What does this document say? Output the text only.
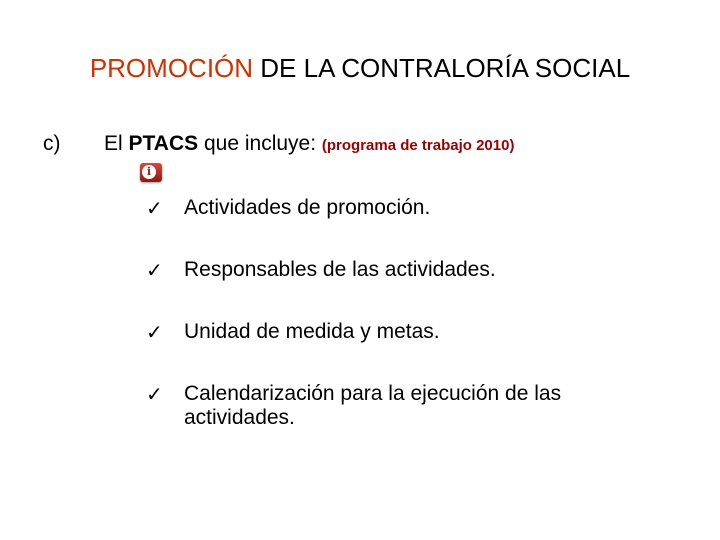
PROMOCIÓN DE LA CONTRALORÍA SOCIAL
c) El PTACS que incluye: (programa de trabajo 2010)
i
✓ Actividades de promoción.
✓ Responsables de las actividades.
✓ Unidad de medida y metas.
✓ Calendarización para la ejecución de las actividades.
